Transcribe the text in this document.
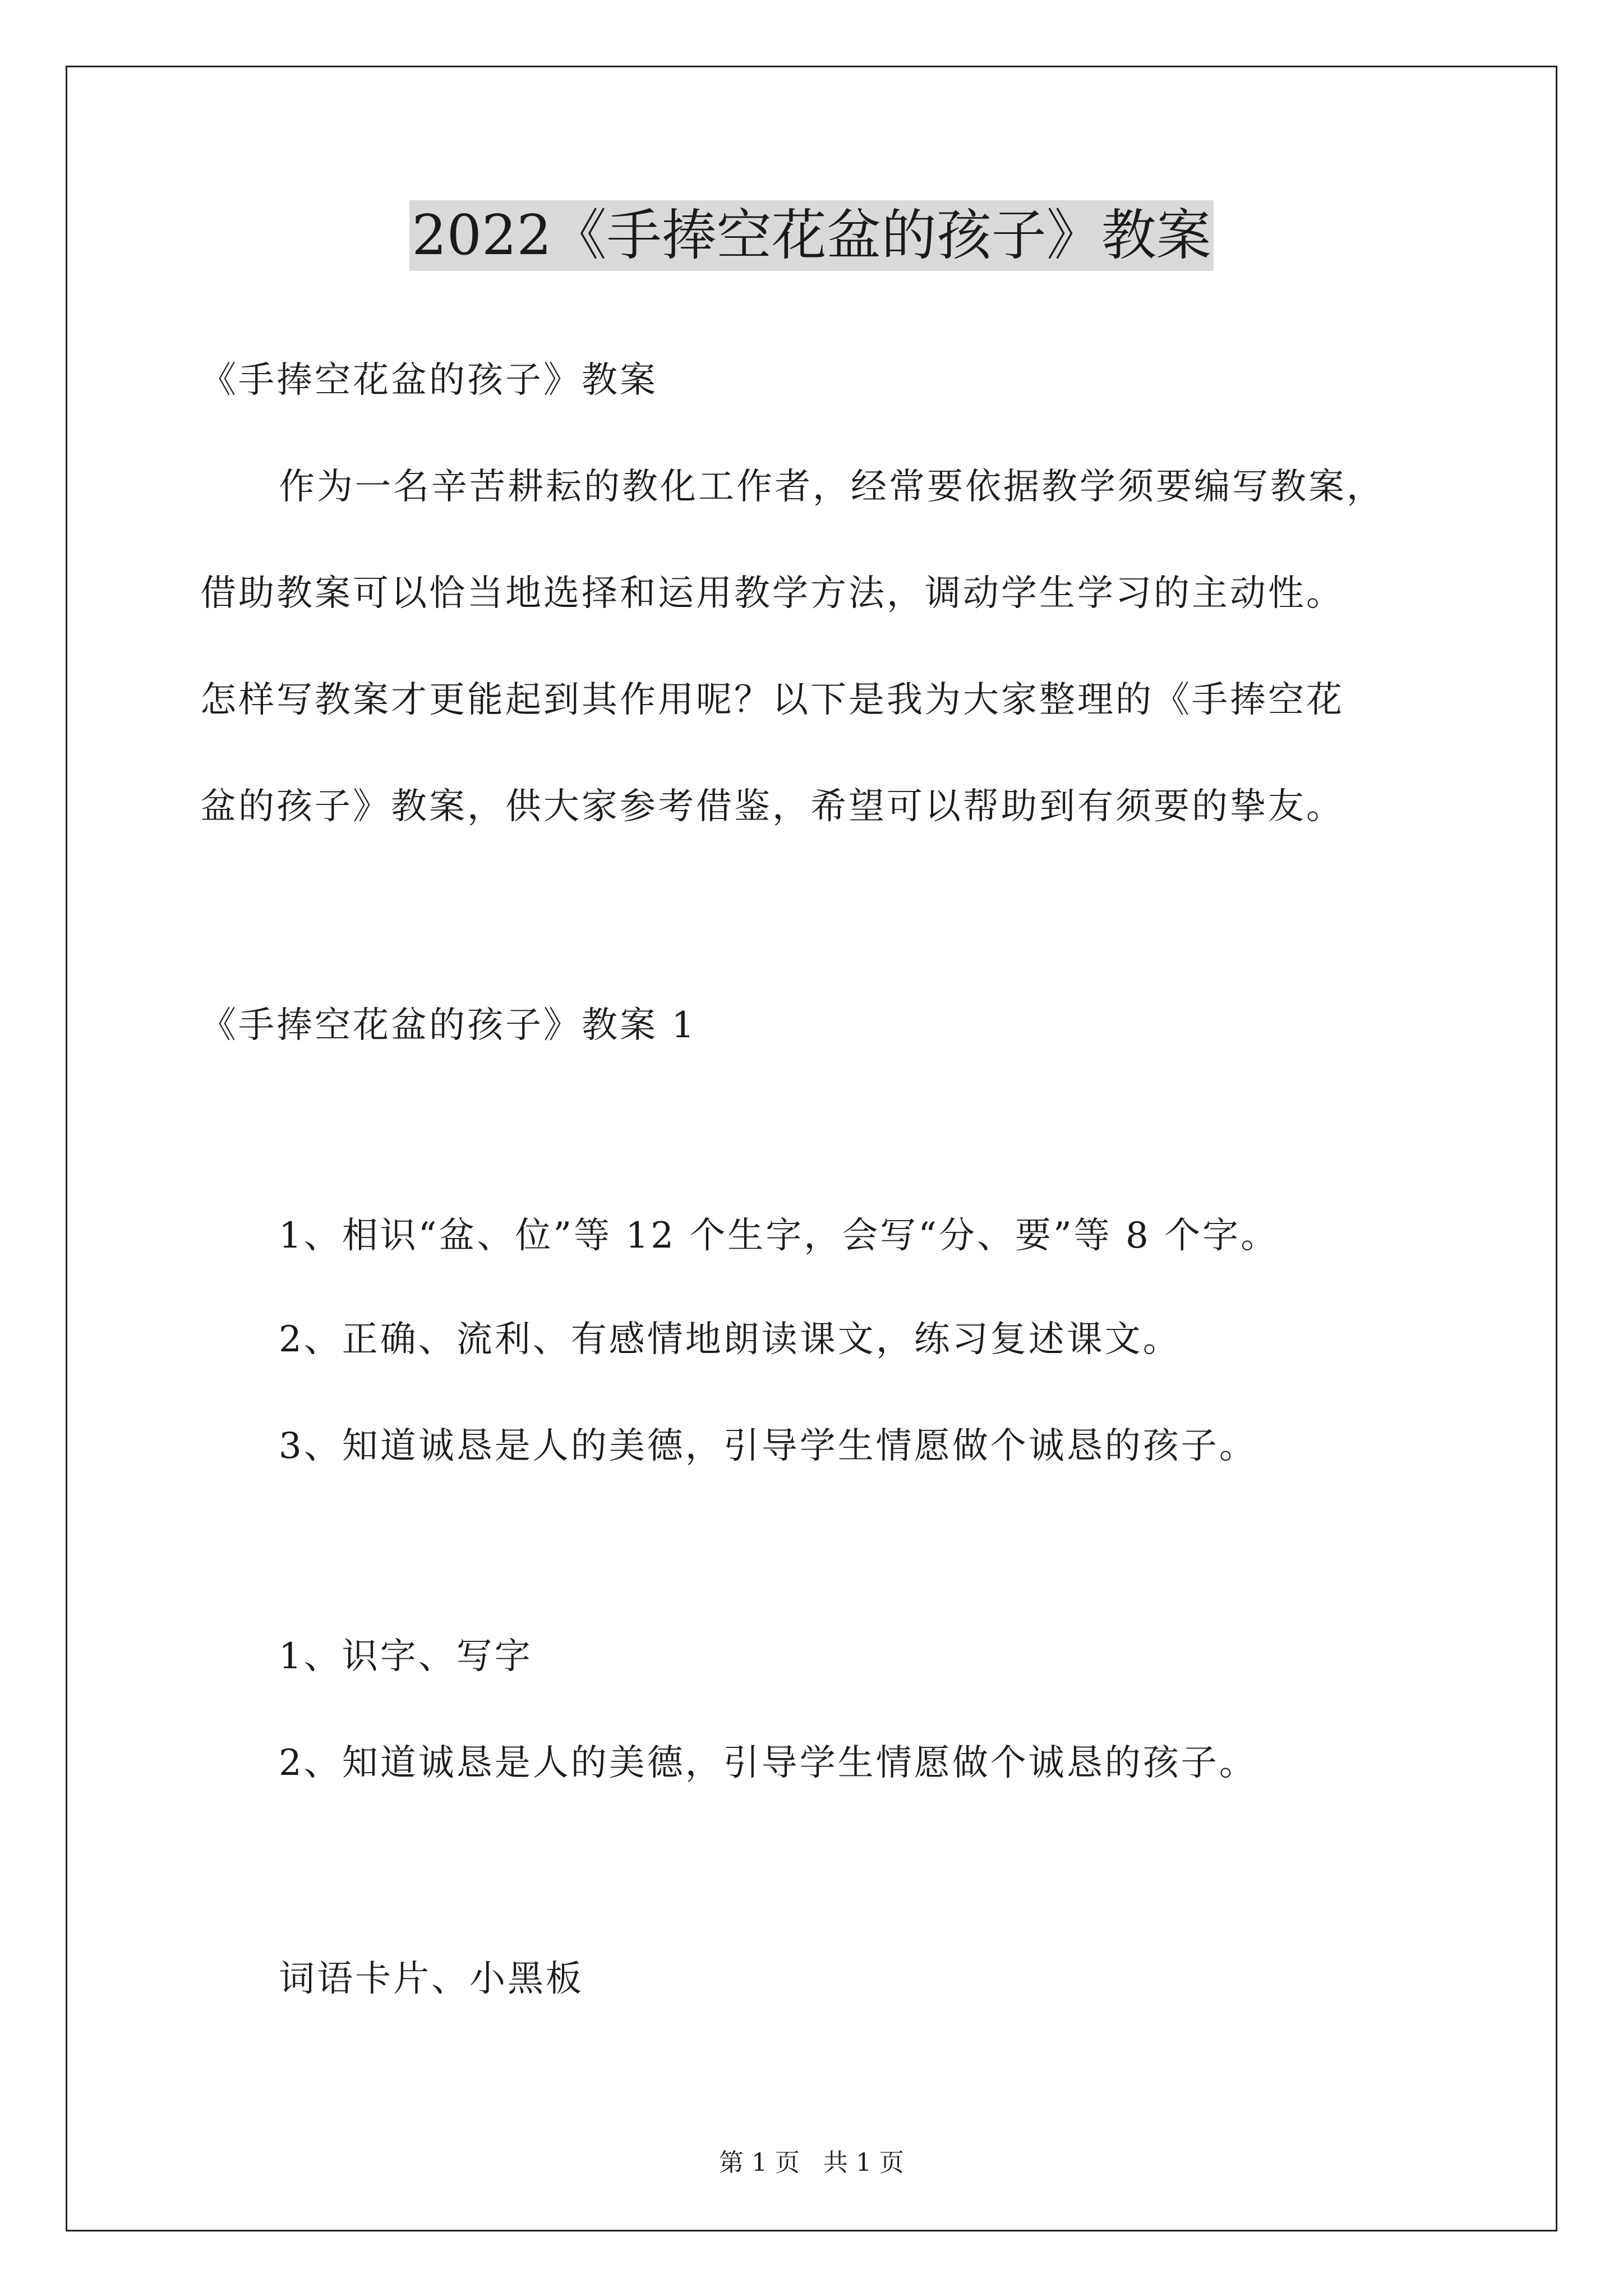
2022《手捧空花盆的孩子》教案
《手捧空花盆的孩子》教案
作为一名辛苦耕耘的教化工作者，经常要依据教学须要编写教案，
借助教案可以恰当地选择和运用教学方法，调动学生学习的主动性。
怎样写教案才更能起到其作用呢？以下是我为大家整理的《手捧空花
盆的孩子》教案，供大家参考借鉴，希望可以帮助到有须要的挚友。
《手捧空花盆的孩子》教案 1
1、相识“盆、位”等 12 个生字，会写“分、要”等 8 个字。
2、正确、流利、有感情地朗读课文，练习复述课文。
3、知道诚恳是人的美德，引导学生情愿做个诚恳的孩子。
1、识字、写字
2、知道诚恳是人的美德，引导学生情愿做个诚恳的孩子。
词语卡片、小黑板
第 1 页   共 1 页
